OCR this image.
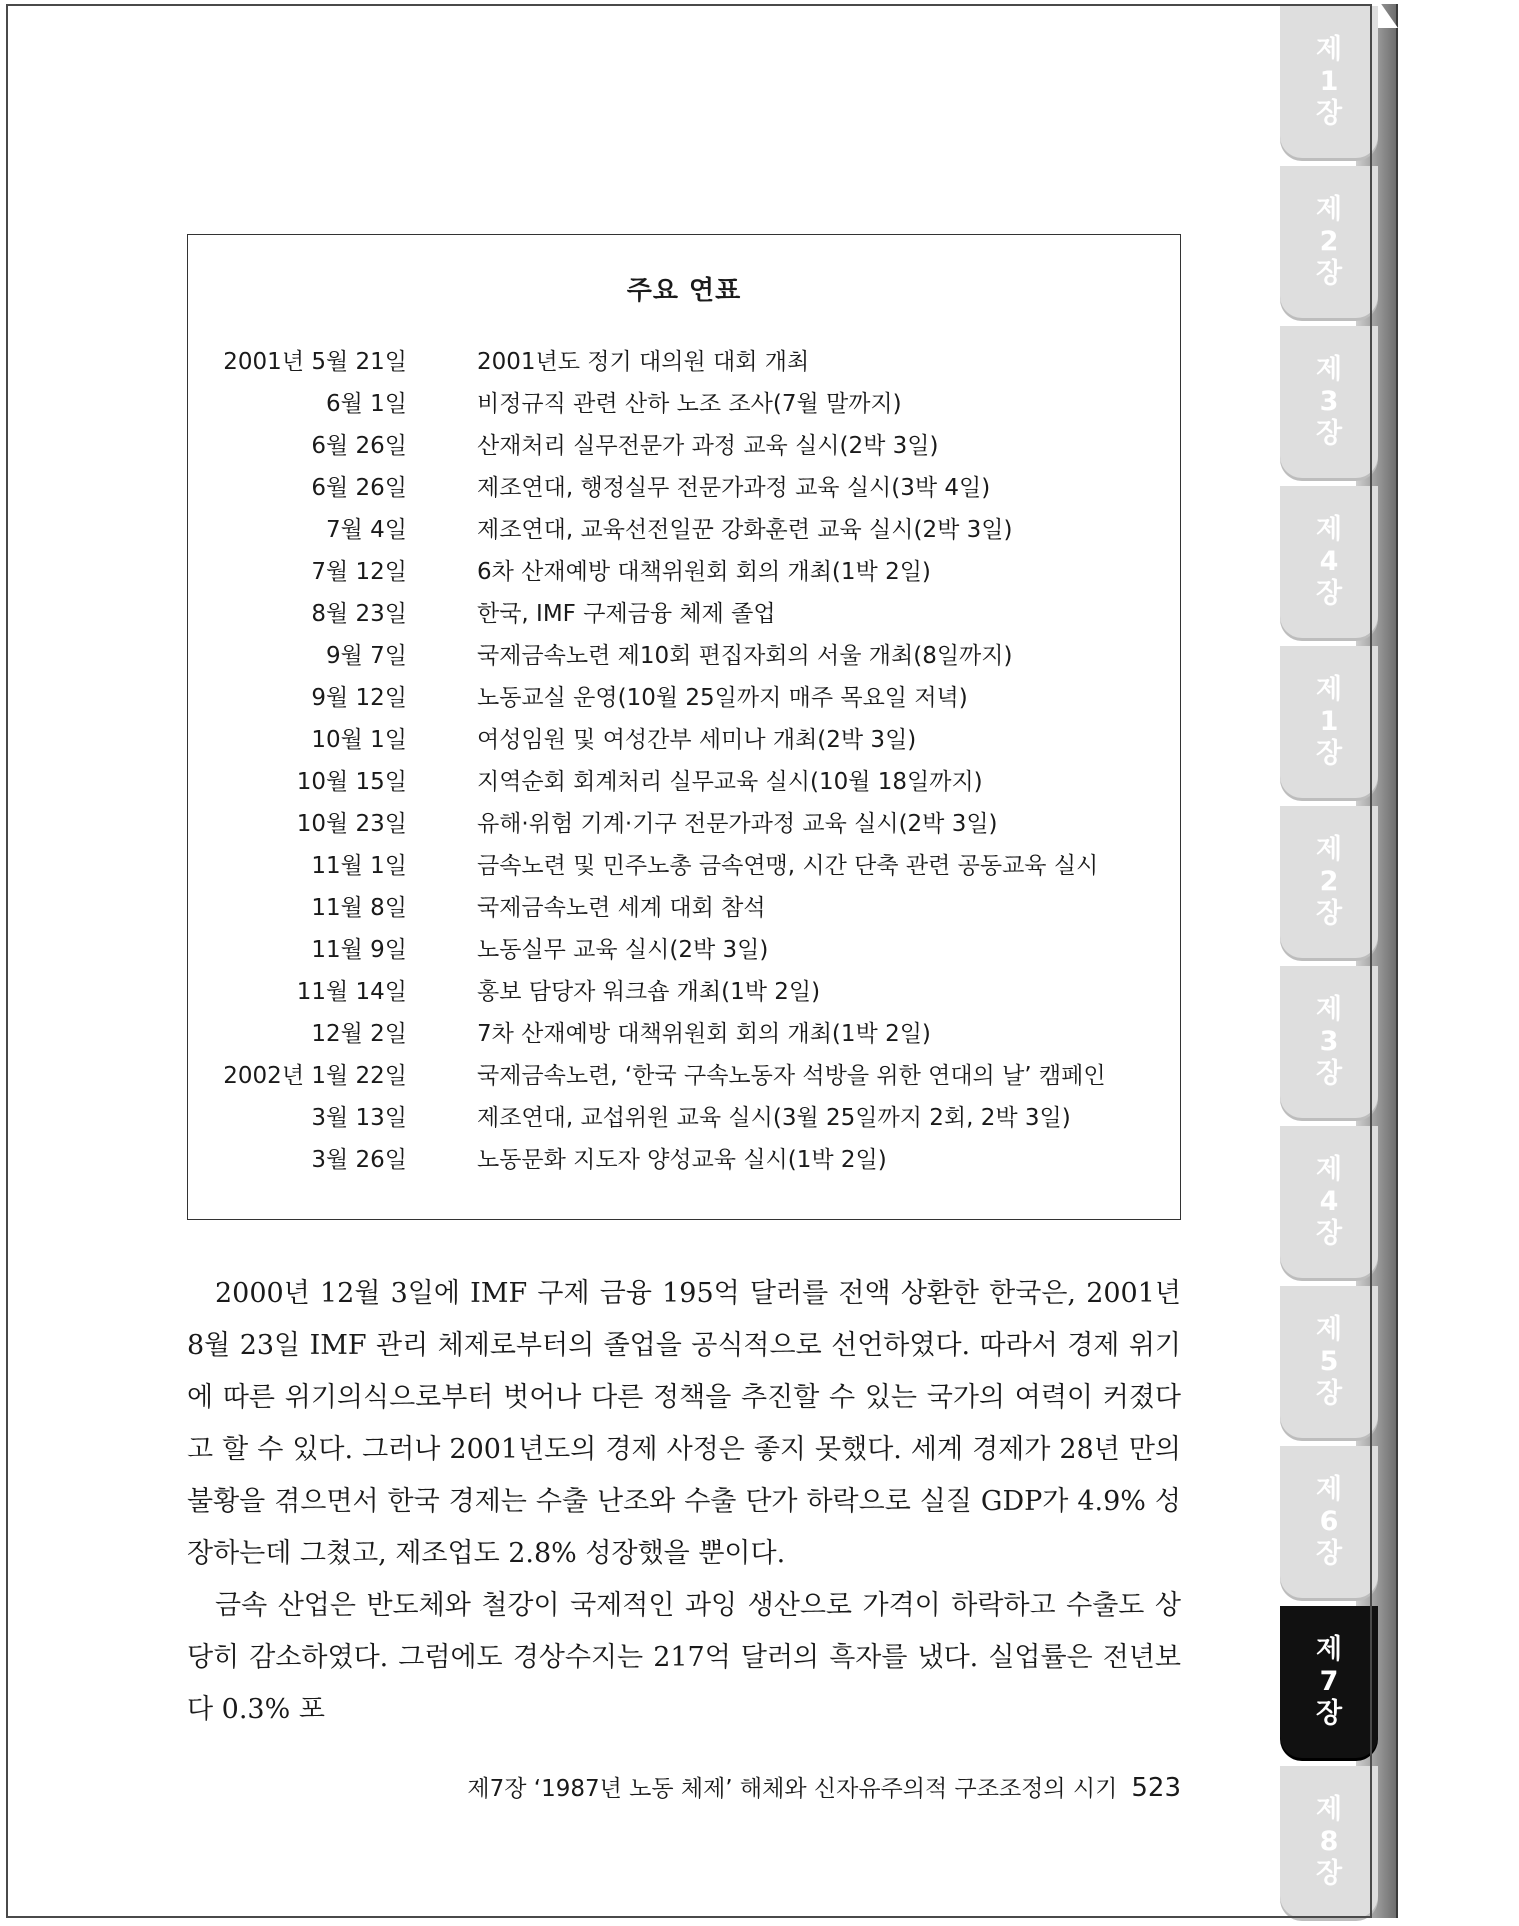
제
1
장
제
2
장
제
3
장
제
4
장
제
1
장
제
2
장
제
3
장
제
4
장
제
5
장
제
6
장
제
7
장
제
8
장
주요 연표
2001년 5월 21일	2001년도 정기 대의원 대회 개최
6월 1일	비정규직 관련 산하 노조 조사(7월 말까지)
6월 26일	산재처리 실무전문가 과정 교육 실시(2박 3일)
6월 26일	제조연대, 행정실무 전문가과정 교육 실시(3박 4일)
7월 4일	제조연대, 교육선전일꾼 강화훈련 교육 실시(2박 3일)
7월 12일	6차 산재예방 대책위원회 회의 개최(1박 2일)
8월 23일	한국, IMF 구제금융 체제 졸업
9월 7일	국제금속노련 제10회 편집자회의 서울 개최(8일까지)
9월 12일	노동교실 운영(10월 25일까지 매주 목요일 저녁)
10월 1일	여성임원 및 여성간부 세미나 개최(2박 3일)
10월 15일	지역순회 회계처리 실무교육 실시(10월 18일까지)
10월 23일	유해·위험 기계·기구 전문가과정 교육 실시(2박 3일)
11월 1일	금속노련 및 민주노총 금속연맹, 시간 단축 관련 공동교육 실시
11월 8일	국제금속노련 세계 대회 참석
11월 9일	노동실무 교육 실시(2박 3일)
11월 14일	홍보 담당자 워크숍 개최(1박 2일)
12월 2일	7차 산재예방 대책위원회 회의 개최(1박 2일)
2002년 1월 22일	국제금속노련, ‘한국 구속노동자 석방을 위한 연대의 날’ 캠페인
3월 13일	제조연대, 교섭위원 교육 실시(3월 25일까지 2회, 2박 3일)
3월 26일	노동문화 지도자 양성교육 실시(1박 2일)

2000년 12월 3일에 IMF 구제 금융 195억 달러를 전액 상환한 한국은, 2001년 8월 23일 IMF 관리 체제로부터의 졸업을 공식적으로 선언하였다. 따라서 경제 위기에 따른 위기의식으로부터 벗어나 다른 정책을 추진할 수 있는 국가의 여력이 커졌다고 할 수 있다. 그러나 2001년도의 경제 사정은 좋지 못했다. 세계 경제가 28년 만의 불황을 겪으면서 한국 경제는 수출 난조와 수출 단가 하락으로 실질 GDP가 4.9% 성장하는데 그쳤고, 제조업도 2.8% 성장했을 뿐이다.

금속 산업은 반도체와 철강이 국제적인 과잉 생산으로 가격이 하락하고 수출도 상당히 감소하였다. 그럼에도 경상수지는 217억 달러의 흑자를 냈다. 실업률은 전년보다 0.3% 포

제7장 ‘1987년 노동 체제’ 해체와 신자유주의적 구조조정의 시기 523
